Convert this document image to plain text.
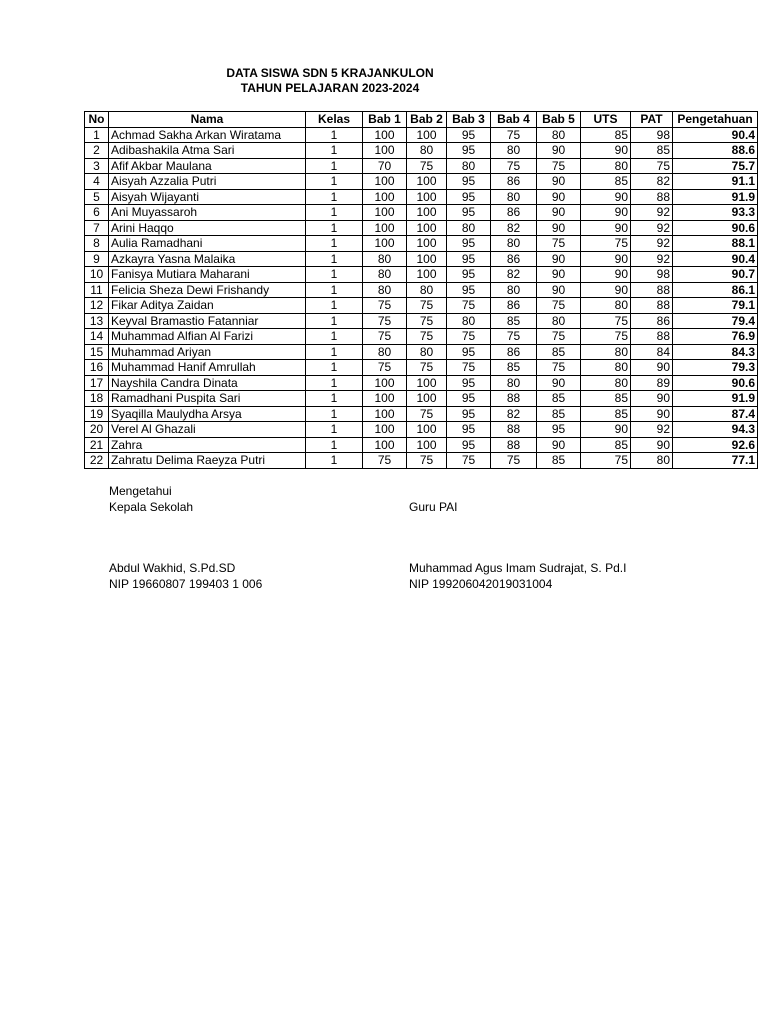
DATA SISWA SDN 5 KRAJANKULON
TAHUN PELAJARAN 2023-2024
No	Nama	Kelas	Bab 1	Bab 2	Bab 3	Bab 4	Bab 5	UTS	PAT	Pengetahuan
1	Achmad Sakha Arkan Wiratama	1	100	100	95	75	80	85	98	90.4
2	Adibashakila Atma Sari	1	100	80	95	80	90	90	85	88.6
3	Afif Akbar Maulana	1	70	75	80	75	75	80	75	75.7
4	Aisyah Azzalia Putri	1	100	100	95	86	90	85	82	91.1
5	Aisyah Wijayanti	1	100	100	95	80	90	90	88	91.9
6	Ani Muyassaroh	1	100	100	95	86	90	90	92	93.3
7	Arini Haqqo	1	100	100	80	82	90	90	92	90.6
8	Aulia Ramadhani	1	100	100	95	80	75	75	92	88.1
9	Azkayra Yasna Malaika	1	80	100	95	86	90	90	92	90.4
10	Fanisya Mutiara Maharani	1	80	100	95	82	90	90	98	90.7
11	Felicia Sheza Dewi Frishandy	1	80	80	95	80	90	90	88	86.1
12	Fikar Aditya Zaidan	1	75	75	75	86	75	80	88	79.1
13	Keyval Bramastio Fatanniar	1	75	75	80	85	80	75	86	79.4
14	Muhammad Alfian Al Farizi	1	75	75	75	75	75	75	88	76.9
15	Muhammad Ariyan	1	80	80	95	86	85	80	84	84.3
16	Muhammad Hanif Amrullah	1	75	75	75	85	75	80	90	79.3
17	Nayshila Candra Dinata	1	100	100	95	80	90	80	89	90.6
18	Ramadhani Puspita Sari	1	100	100	95	88	85	85	90	91.9
19	Syaqilla Maulydha Arsya	1	100	75	95	82	85	85	90	87.4
20	Verel Al Ghazali	1	100	100	95	88	95	90	92	94.3
21	Zahra	1	100	100	95	88	90	85	90	92.6
22	Zahratu Delima Raeyza Putri	1	75	75	75	75	85	75	80	77.1
Mengetahui
Kepala Sekolah	Guru PAI
Abdul Wakhid, S.Pd.SD
NIP 19660807 199403 1 006
Muhammad Agus Imam Sudrajat, S. Pd.I
NIP 199206042019031004
